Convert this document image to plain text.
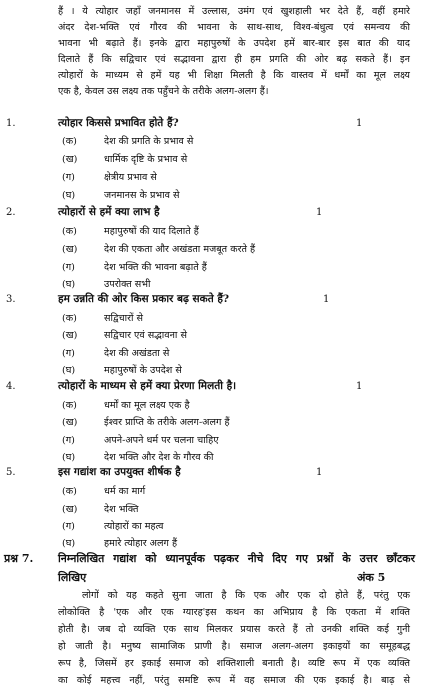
हैं । ये त्योहार जहाँ जनमानस में उल्लास, उमंग एवं खुशहाली भर देते हैं, वहीं हमारे
अंदर देश-भक्ति एवं गौरव की भावना के साथ-साथ, विश्व-बंधुत्व एवं समन्वय की
भावना भी बढ़ाते हैं। इनके द्वारा महापुरुषों के उपदेश हमें बार-बार इस बात की याद
दिलाते हैं कि सद्विचार एवं सद्भावना द्वारा ही हम प्रगति की ओर बढ़ सकते हैं। इन
त्योहारों के माध्यम से हमें यह भी शिक्षा मिलती है कि वास्तव में धर्मों का मूल लक्ष्य
एक है, केवल उस लक्ष्य तक पहुँचने के तरीके अलग-अलग हैं।
1.	त्योहार किससे प्रभावित होते हैं?	1
(क)	देश की प्रगति के प्रभाव से
(ख)	धार्मिक दृष्टि के प्रभाव से
(ग)	क्षेत्रीय प्रभाव से
(घ)	जनमानस के प्रभाव से
2.	त्योहारों से हमें क्या लाभ है	1
(क)	महापुरुषों की याद दिलाते हैं
(ख)	देश की एकता और अखंडता मजबूत करते हैं
(ग)	देश भक्ति की भावना बढ़ाते हैं
(घ)	उपरोक्त सभी
3.	हम उन्नति की ओर किस प्रकार बढ़ सकते हैं?	1
(क)	सद्विचारों से
(ख)	सद्विचार एवं सद्भावना से
(ग)	देश की अखंडता से
(घ)	महापुरुषों के उपदेश से
4.	त्योहारों के माध्यम से हमें क्या प्रेरणा मिलती है।	1
(क)	धर्मों का मूल लक्ष्य एक है
(ख)	ईश्वर प्राप्ति के तरीके अलग-अलग हैं
(ग)	अपने-अपने धर्म पर चलना चाहिए
(घ)	देश भक्ति और देश के गौरव की
5.	इस गद्यांश का उपयुक्त शीर्षक है	1
(क)	धर्म का मार्ग
(ख)	देश भक्ति
(ग)	त्योहारों का महत्व
(घ)	हमारे त्योहार अलग हैं
प्रश्न 7. निम्नलिखित गद्यांश को ध्यानपूर्वक पढ़कर नीचे दिए गए प्रश्नों के उत्तर छाँटकर
लिखिए	अंक 5
लोगों को यह कहते सुना जाता है कि एक और एक दो होते हैं, परंतु एक
लोकोक्ति है 'एक और एक ग्यारह'इस कथन का अभिप्राय है कि एकता में शक्ति
होती है। जब दो व्यक्ति एक साथ मिलकर प्रयास करते हैं तो उनकी शक्ति कई गुनी
हो जाती है। मनुष्य सामाजिक प्राणी है। समाज अलग-अलग इकाइयों का समूहबद्ध
रूप है, जिसमें हर इकाई समाज को शक्तिशाली बनाती है। व्यष्टि रूप में एक व्यक्ति
का कोई महत्त्व नहीं, परंतु समष्टि रूप में वह समाज की एक इकाई है। बाढ़ से
